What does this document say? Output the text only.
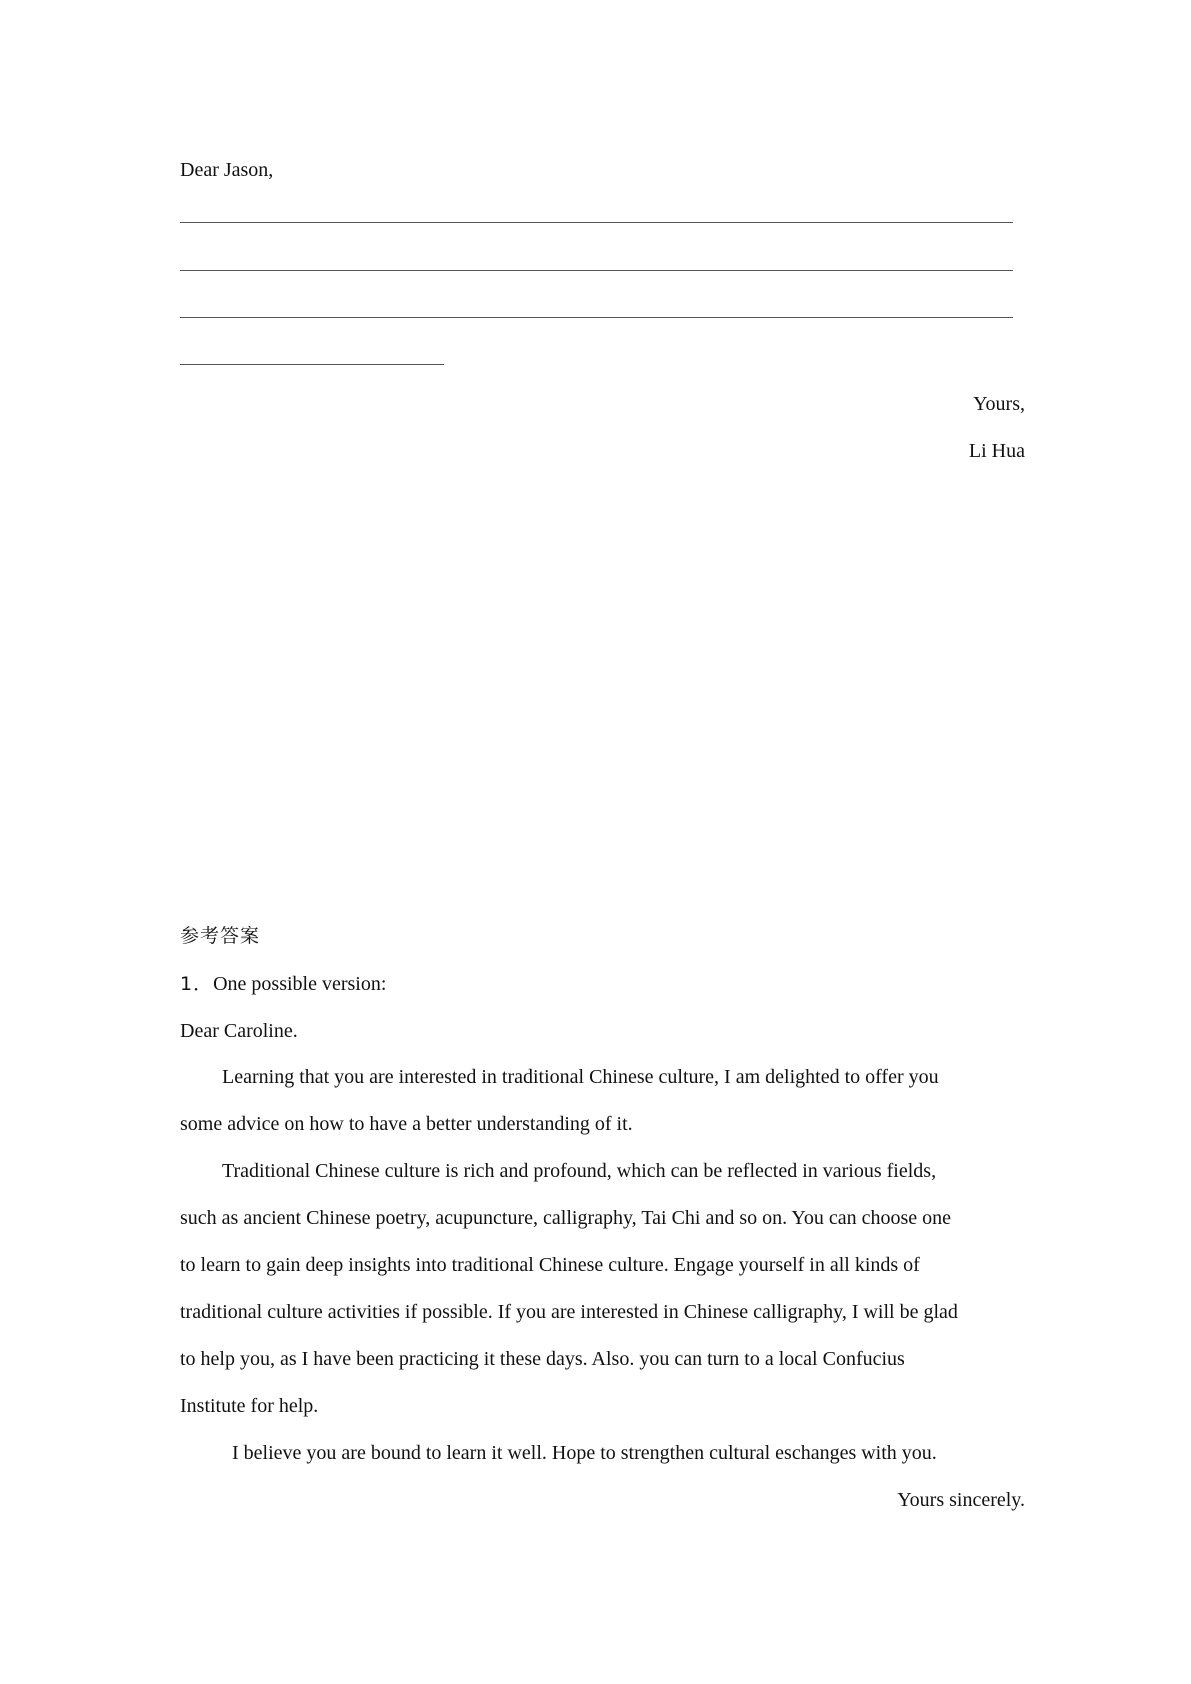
Dear Jason,
Yours,
Li Hua
参考答案
1．One possible version:
Dear Caroline.
Learning that you are interested in traditional Chinese culture, I am delighted to offer you
some advice on how to have a better understanding of it.
Traditional Chinese culture is rich and profound, which can be reflected in various fields,
such as ancient Chinese poetry, acupuncture, calligraphy, Tai Chi and so on. You can choose one
to learn to gain deep insights into traditional Chinese culture. Engage yourself in all kinds of
traditional culture activities if possible. If you are interested in Chinese calligraphy, I will be glad
to help you, as I have been practicing it these days. Also. you can turn to a local Confucius
Institute for help.
I believe you are bound to learn it well. Hope to strengthen cultural eschanges with you.
Yours sincerely.
